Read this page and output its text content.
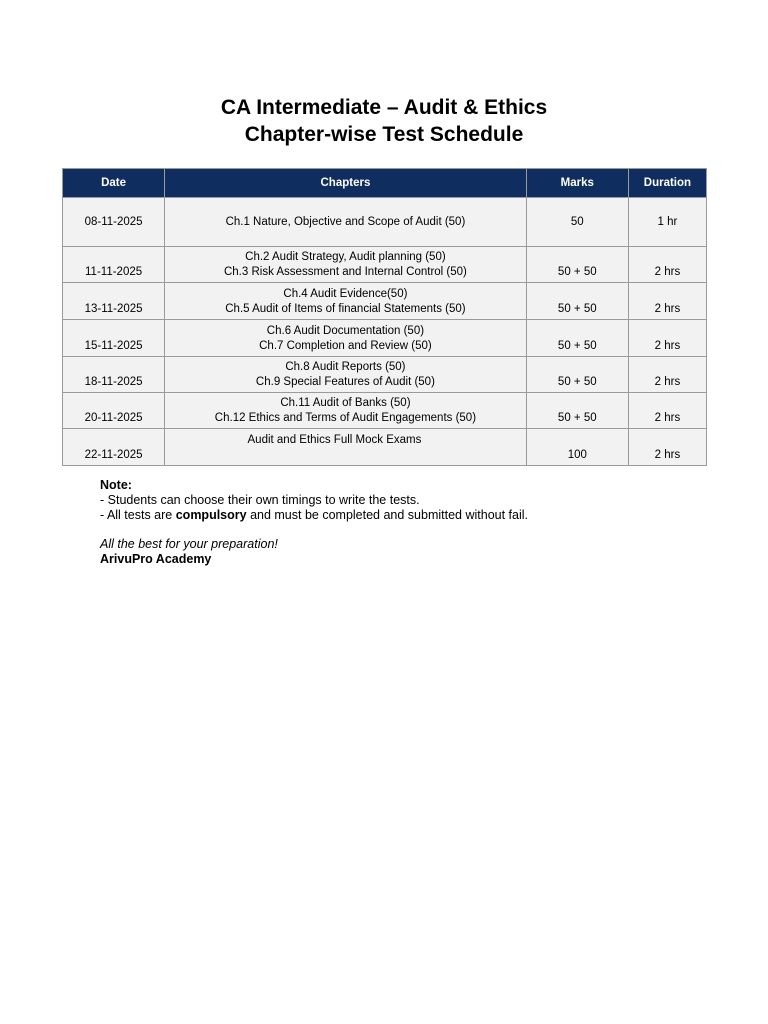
CA Intermediate – Audit & Ethics
Chapter-wise Test Schedule
Date	Chapters	Marks	Duration
08-11-2025	Ch.1 Nature, Objective and Scope of Audit (50)	50	1 hr
11-11-2025	Ch.2 Audit Strategy, Audit planning (50)
Ch.3 Risk Assessment and Internal Control (50)	50 + 50	2 hrs
13-11-2025	Ch.4 Audit Evidence(50)
Ch.5 Audit of Items of financial Statements (50)	50 + 50	2 hrs
15-11-2025	Ch.6 Audit Documentation (50)
Ch.7 Completion and Review (50)	50 + 50	2 hrs
18-11-2025	Ch.8 Audit Reports (50)
Ch.9 Special Features of Audit (50)	50 + 50	2 hrs
20-11-2025	Ch.11 Audit of Banks (50)
Ch.12 Ethics and Terms of Audit Engagements (50)	50 + 50	2 hrs
22-11-2025	Audit and Ethics Full Mock Exams	100	2 hrs
Note:
- Students can choose their own timings to write the tests.
- All tests are compulsory and must be completed and submitted without fail.
All the best for your preparation!
ArivuPro Academy
